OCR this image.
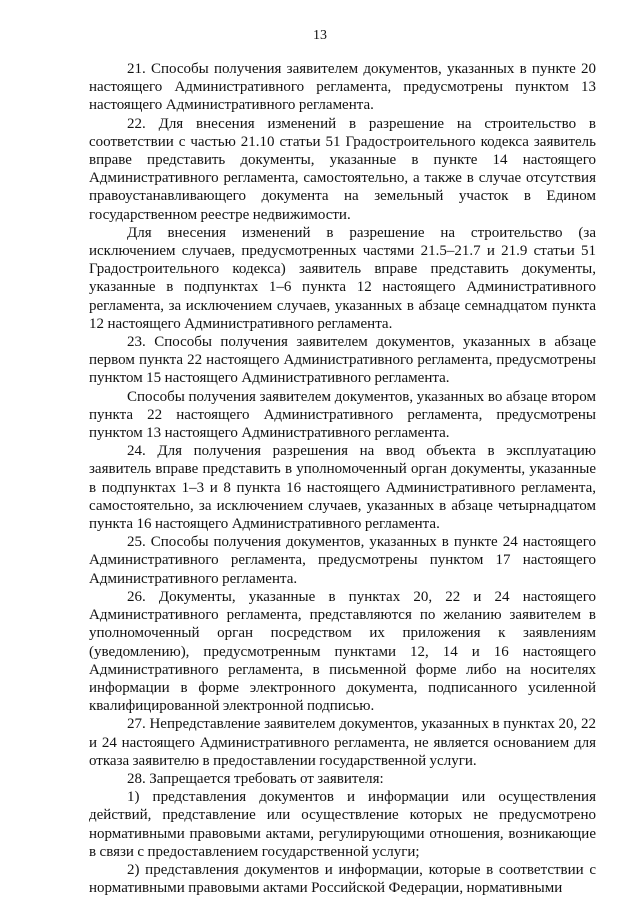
13

21. Способы получения заявителем документов, указанных в пункте 20 настоящего Административного регламента, предусмотрены пунктом 13 настоящего Административного регламента.

22. Для внесения изменений в разрешение на строительство в соответствии с частью 21.10 статьи 51 Градостроительного кодекса заявитель вправе представить документы, указанные в пункте 14 настоящего Административного регламента, самостоятельно, а также в случае отсутствия правоустанавливающего документа на земельный участок в Едином государственном реестре недвижимости.

Для внесения изменений в разрешение на строительство (за исключением случаев, предусмотренных частями 21.5–21.7 и 21.9 статьи 51 Градостроительного кодекса) заявитель вправе представить документы, указанные в подпунктах 1–6 пункта 12 настоящего Административного регламента, за исключением случаев, указанных в абзаце семнадцатом пункта 12 настоящего Административного регламента.

23. Способы получения заявителем документов, указанных в абзаце первом пункта 22 настоящего Административного регламента, предусмотрены пунктом 15 настоящего Административного регламента.

Способы получения заявителем документов, указанных во абзаце втором пункта 22 настоящего Административного регламента, предусмотрены пунктом 13 настоящего Административного регламента.

24. Для получения разрешения на ввод объекта в эксплуатацию заявитель вправе представить в уполномоченный орган документы, указанные в подпунктах 1–3 и 8 пункта 16 настоящего Административного регламента, самостоятельно, за исключением случаев, указанных в абзаце четырнадцатом пункта 16 настоящего Административного регламента.

25. Способы получения документов, указанных в пункте 24 настоящего Административного регламента, предусмотрены пунктом 17 настоящего Административного регламента.

26. Документы, указанные в пунктах 20, 22 и 24 настоящего Административного регламента, представляются по желанию заявителем в уполномоченный орган посредством их приложения к заявлениям (уведомлению), предусмотренным пунктами 12, 14 и 16 настоящего Административного регламента, в письменной форме либо на носителях информации в форме электронного документа, подписанного усиленной квалифицированной электронной подписью.

27. Непредставление заявителем документов, указанных в пунктах 20, 22 и 24 настоящего Административного регламента, не является основанием для отказа заявителю в предоставлении государственной услуги.

28. Запрещается требовать от заявителя:

1) представления документов и информации или осуществления действий, представление или осуществление которых не предусмотрено нормативными правовыми актами, регулирующими отношения, возникающие в связи с предоставлением государственной услуги;

2) представления документов и информации, которые в соответствии с нормативными правовыми актами Российской Федерации, нормативными
